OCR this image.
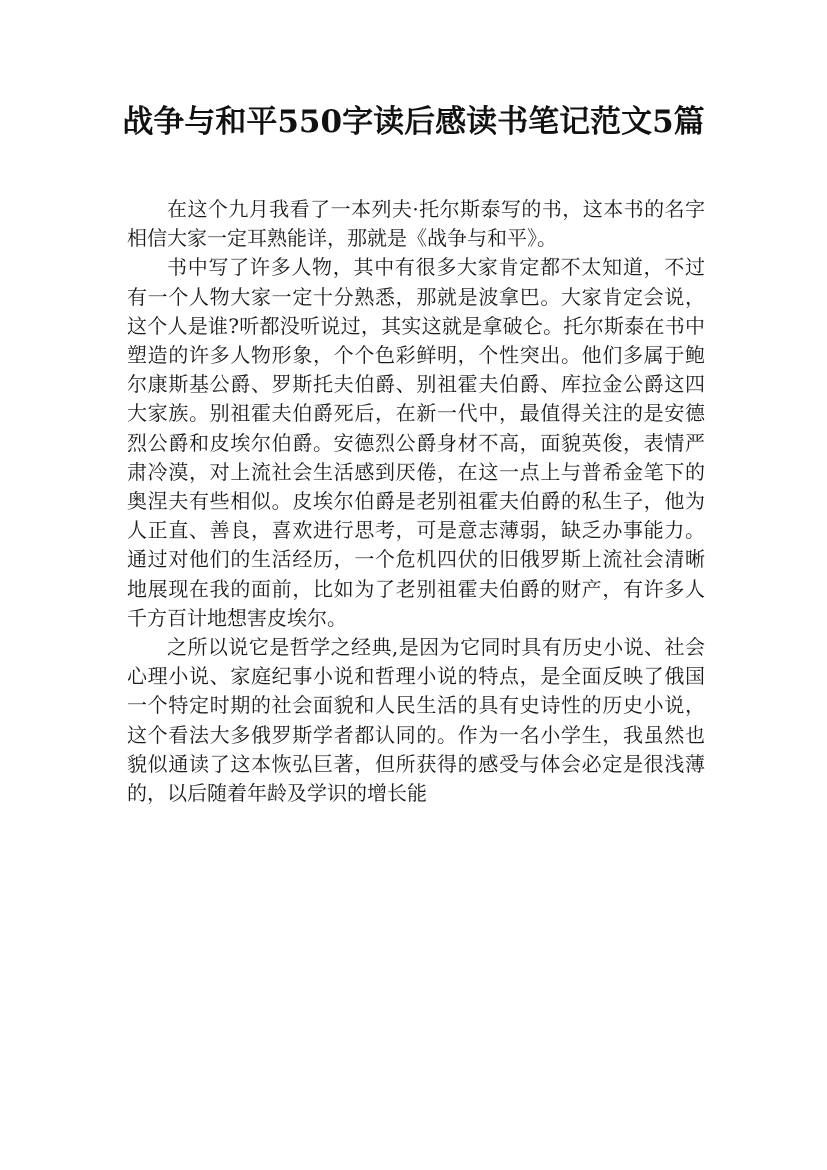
战争与和平550字读后感读书笔记范文5篇

在这个九月我看了一本列夫·托尔斯泰写的书，这本书的名字相信大家一定耳熟能详，那就是《战争与和平》。

书中写了许多人物，其中有很多大家肯定都不太知道，不过有一个人物大家一定十分熟悉，那就是波拿巴。大家肯定会说，这个人是谁?听都没听说过，其实这就是拿破仑。托尔斯泰在书中塑造的许多人物形象，个个色彩鲜明，个性突出。他们多属于鲍尔康斯基公爵、罗斯托夫伯爵、别祖霍夫伯爵、库拉金公爵这四大家族。别祖霍夫伯爵死后，在新一代中，最值得关注的是安德烈公爵和皮埃尔伯爵。安德烈公爵身材不高，面貌英俊，表情严肃冷漠，对上流社会生活感到厌倦，在这一点上与普希金笔下的奥涅夫有些相似。皮埃尔伯爵是老别祖霍夫伯爵的私生子，他为人正直、善良，喜欢进行思考，可是意志薄弱，缺乏办事能力。通过对他们的生活经历，一个危机四伏的旧俄罗斯上流社会清晰地展现在我的面前，比如为了老别祖霍夫伯爵的财产，有许多人千方百计地想害皮埃尔。

之所以说它是哲学之经典,是因为它同时具有历史小说、社会心理小说、家庭纪事小说和哲理小说的特点，是全面反映了俄国一个特定时期的社会面貌和人民生活的具有史诗性的历史小说，这个看法大多俄罗斯学者都认同的。作为一名小学生，我虽然也貌似通读了这本恢弘巨著，但所获得的感受与体会必定是很浅薄的，以后随着年龄及学识的增长能
